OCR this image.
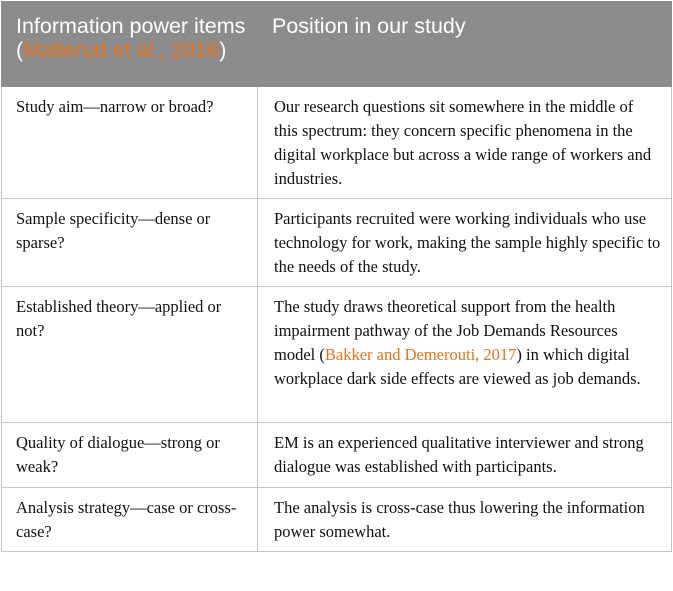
Information power items (Malterud et al., 2016)	Position in our study
Study aim—narrow or broad?	Our research questions sit somewhere in the middle of this spectrum: they concern specific phenomena in the digital workplace but across a wide range of workers and industries.
Sample specificity—dense or sparse?	Participants recruited were working individuals who use technology for work, making the sample highly specific to the needs of the study.
Established theory—applied or not?	The study draws theoretical support from the health impairment pathway of the Job Demands Resources model (Bakker and Demerouti, 2017) in which digital workplace dark side effects are viewed as job demands.
Quality of dialogue—strong or weak?	EM is an experienced qualitative interviewer and strong dialogue was established with participants.
Analysis strategy—case or cross-case?	The analysis is cross-case thus lowering the information power somewhat.
